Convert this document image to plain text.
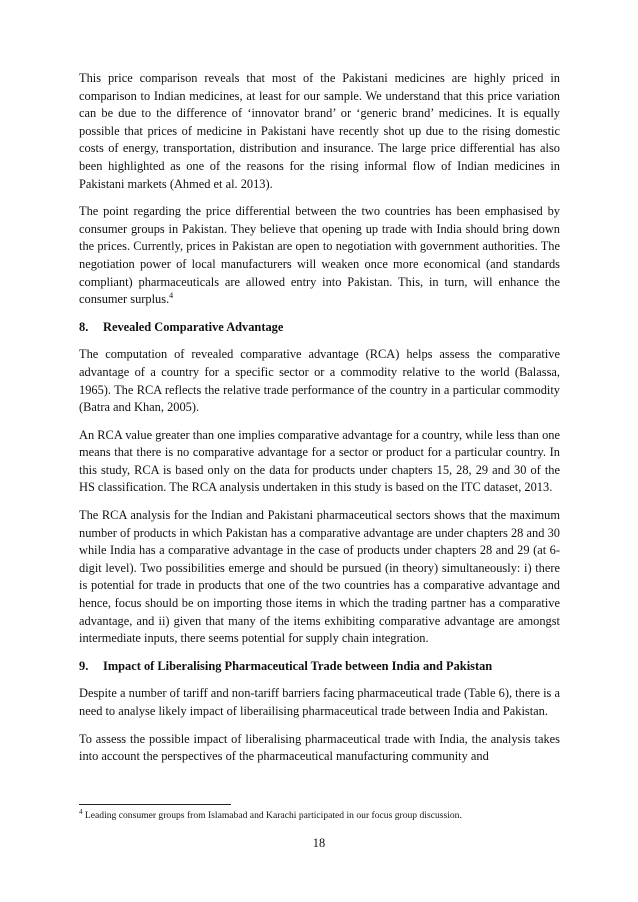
This price comparison reveals that most of the Pakistani medicines are highly priced in comparison to Indian medicines, at least for our sample. We understand that this price variation can be due to the difference of ‘innovator brand’ or ‘generic brand’ medicines. It is equally possible that prices of medicine in Pakistani have recently shot up due to the rising domestic costs of energy, transportation, distribution and insurance. The large price differential has also been highlighted as one of the reasons for the rising informal flow of Indian medicines in Pakistani markets (Ahmed et al. 2013).

The point regarding the price differential between the two countries has been emphasised by consumer groups in Pakistan. They believe that opening up trade with India should bring down the prices. Currently, prices in Pakistan are open to negotiation with government authorities. The negotiation power of local manufacturers will weaken once more economical (and standards compliant) pharmaceuticals are allowed entry into Pakistan. This, in turn, will enhance the consumer surplus.$^4$

8. Revealed Comparative Advantage

The computation of revealed comparative advantage (RCA) helps assess the comparative advantage of a country for a specific sector or a commodity relative to the world (Balassa, 1965). The RCA reflects the relative trade performance of the country in a particular commodity (Batra and Khan, 2005).

An RCA value greater than one implies comparative advantage for a country, while less than one means that there is no comparative advantage for a sector or product for a particular country. In this study, RCA is based only on the data for products under chapters 15, 28, 29 and 30 of the HS classification. The RCA analysis undertaken in this study is based on the ITC dataset, 2013.

The RCA analysis for the Indian and Pakistani pharmaceutical sectors shows that the maximum number of products in which Pakistan has a comparative advantage are under chapters 28 and 30 while India has a comparative advantage in the case of products under chapters 28 and 29 (at 6-digit level). Two possibilities emerge and should be pursued (in theory) simultaneously: i) there is potential for trade in products that one of the two countries has a comparative advantage and hence, focus should be on importing those items in which the trading partner has a comparative advantage, and ii) given that many of the items exhibiting comparative advantage are amongst intermediate inputs, there seems potential for supply chain integration.

9. Impact of Liberalising Pharmaceutical Trade between India and Pakistan

Despite a number of tariff and non-tariff barriers facing pharmaceutical trade (Table 6), there is a need to analyse likely impact of liberailising pharmaceutical trade between India and Pakistan.

To assess the possible impact of liberalising pharmaceutical trade with India, the analysis takes into account the perspectives of the pharmaceutical manufacturing community and

$^4$ Leading consumer groups from Islamabad and Karachi participated in our focus group discussion.
18
